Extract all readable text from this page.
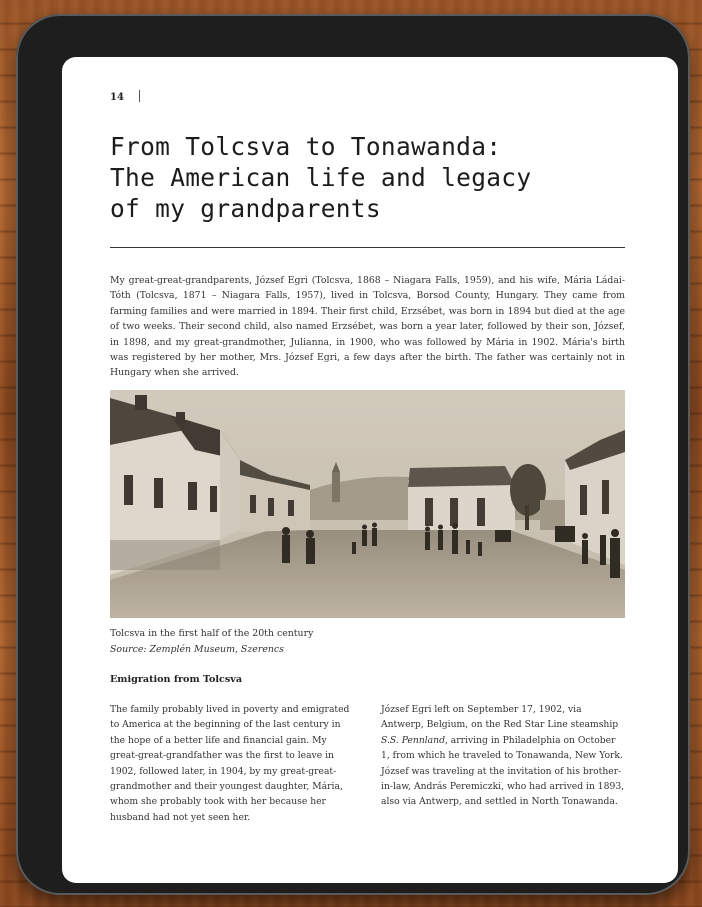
14
From Tolcsva to Tonawanda:
The American life and legacy
of my grandparents

My great-great-grandparents, József Egri (Tolcsva, 1868 – Niagara Falls, 1959), and his wife, Mária Ládai-Tóth (Tolcsva, 1871 – Niagara Falls, 1957), lived in Tolcsva, Borsod County, Hungary. They came from farming families and were married in 1894. Their first child, Erzsébet, was born in 1894 but died at the age of two weeks. Their second child, also named Erzsébet, was born a year later, followed by their son, József, in 1898, and my great-grandmother, Julianna, in 1900, who was followed by Mária in 1902. Mária's birth was registered by her mother, Mrs. József Egri, a few days after the birth. The father was certainly not in Hungary when she arrived.

Tolcsva in the first half of the 20th century
Source: Zemplén Museum, Szerencs
Emigration from Tolcsva

The family probably lived in poverty and emigrated to America at the beginning of the last century in the hope of a better life and financial gain. My great-great-grandfather was the first to leave in 1902, followed later, in 1904, by my great-great-grandmother and their youngest daughter, Mária, whom she probably took with her because her husband had not yet seen her.

József Egri left on September 17, 1902, via Antwerp, Belgium, on the Red Star Line steamship S.S. Pennland, arriving in Philadelphia on October 1, from which he traveled to Tonawanda, New York. József was traveling at the invitation of his brother-in-law, András Peremiczki, who had arrived in 1893, also via Antwerp, and settled in North Tonawanda.
